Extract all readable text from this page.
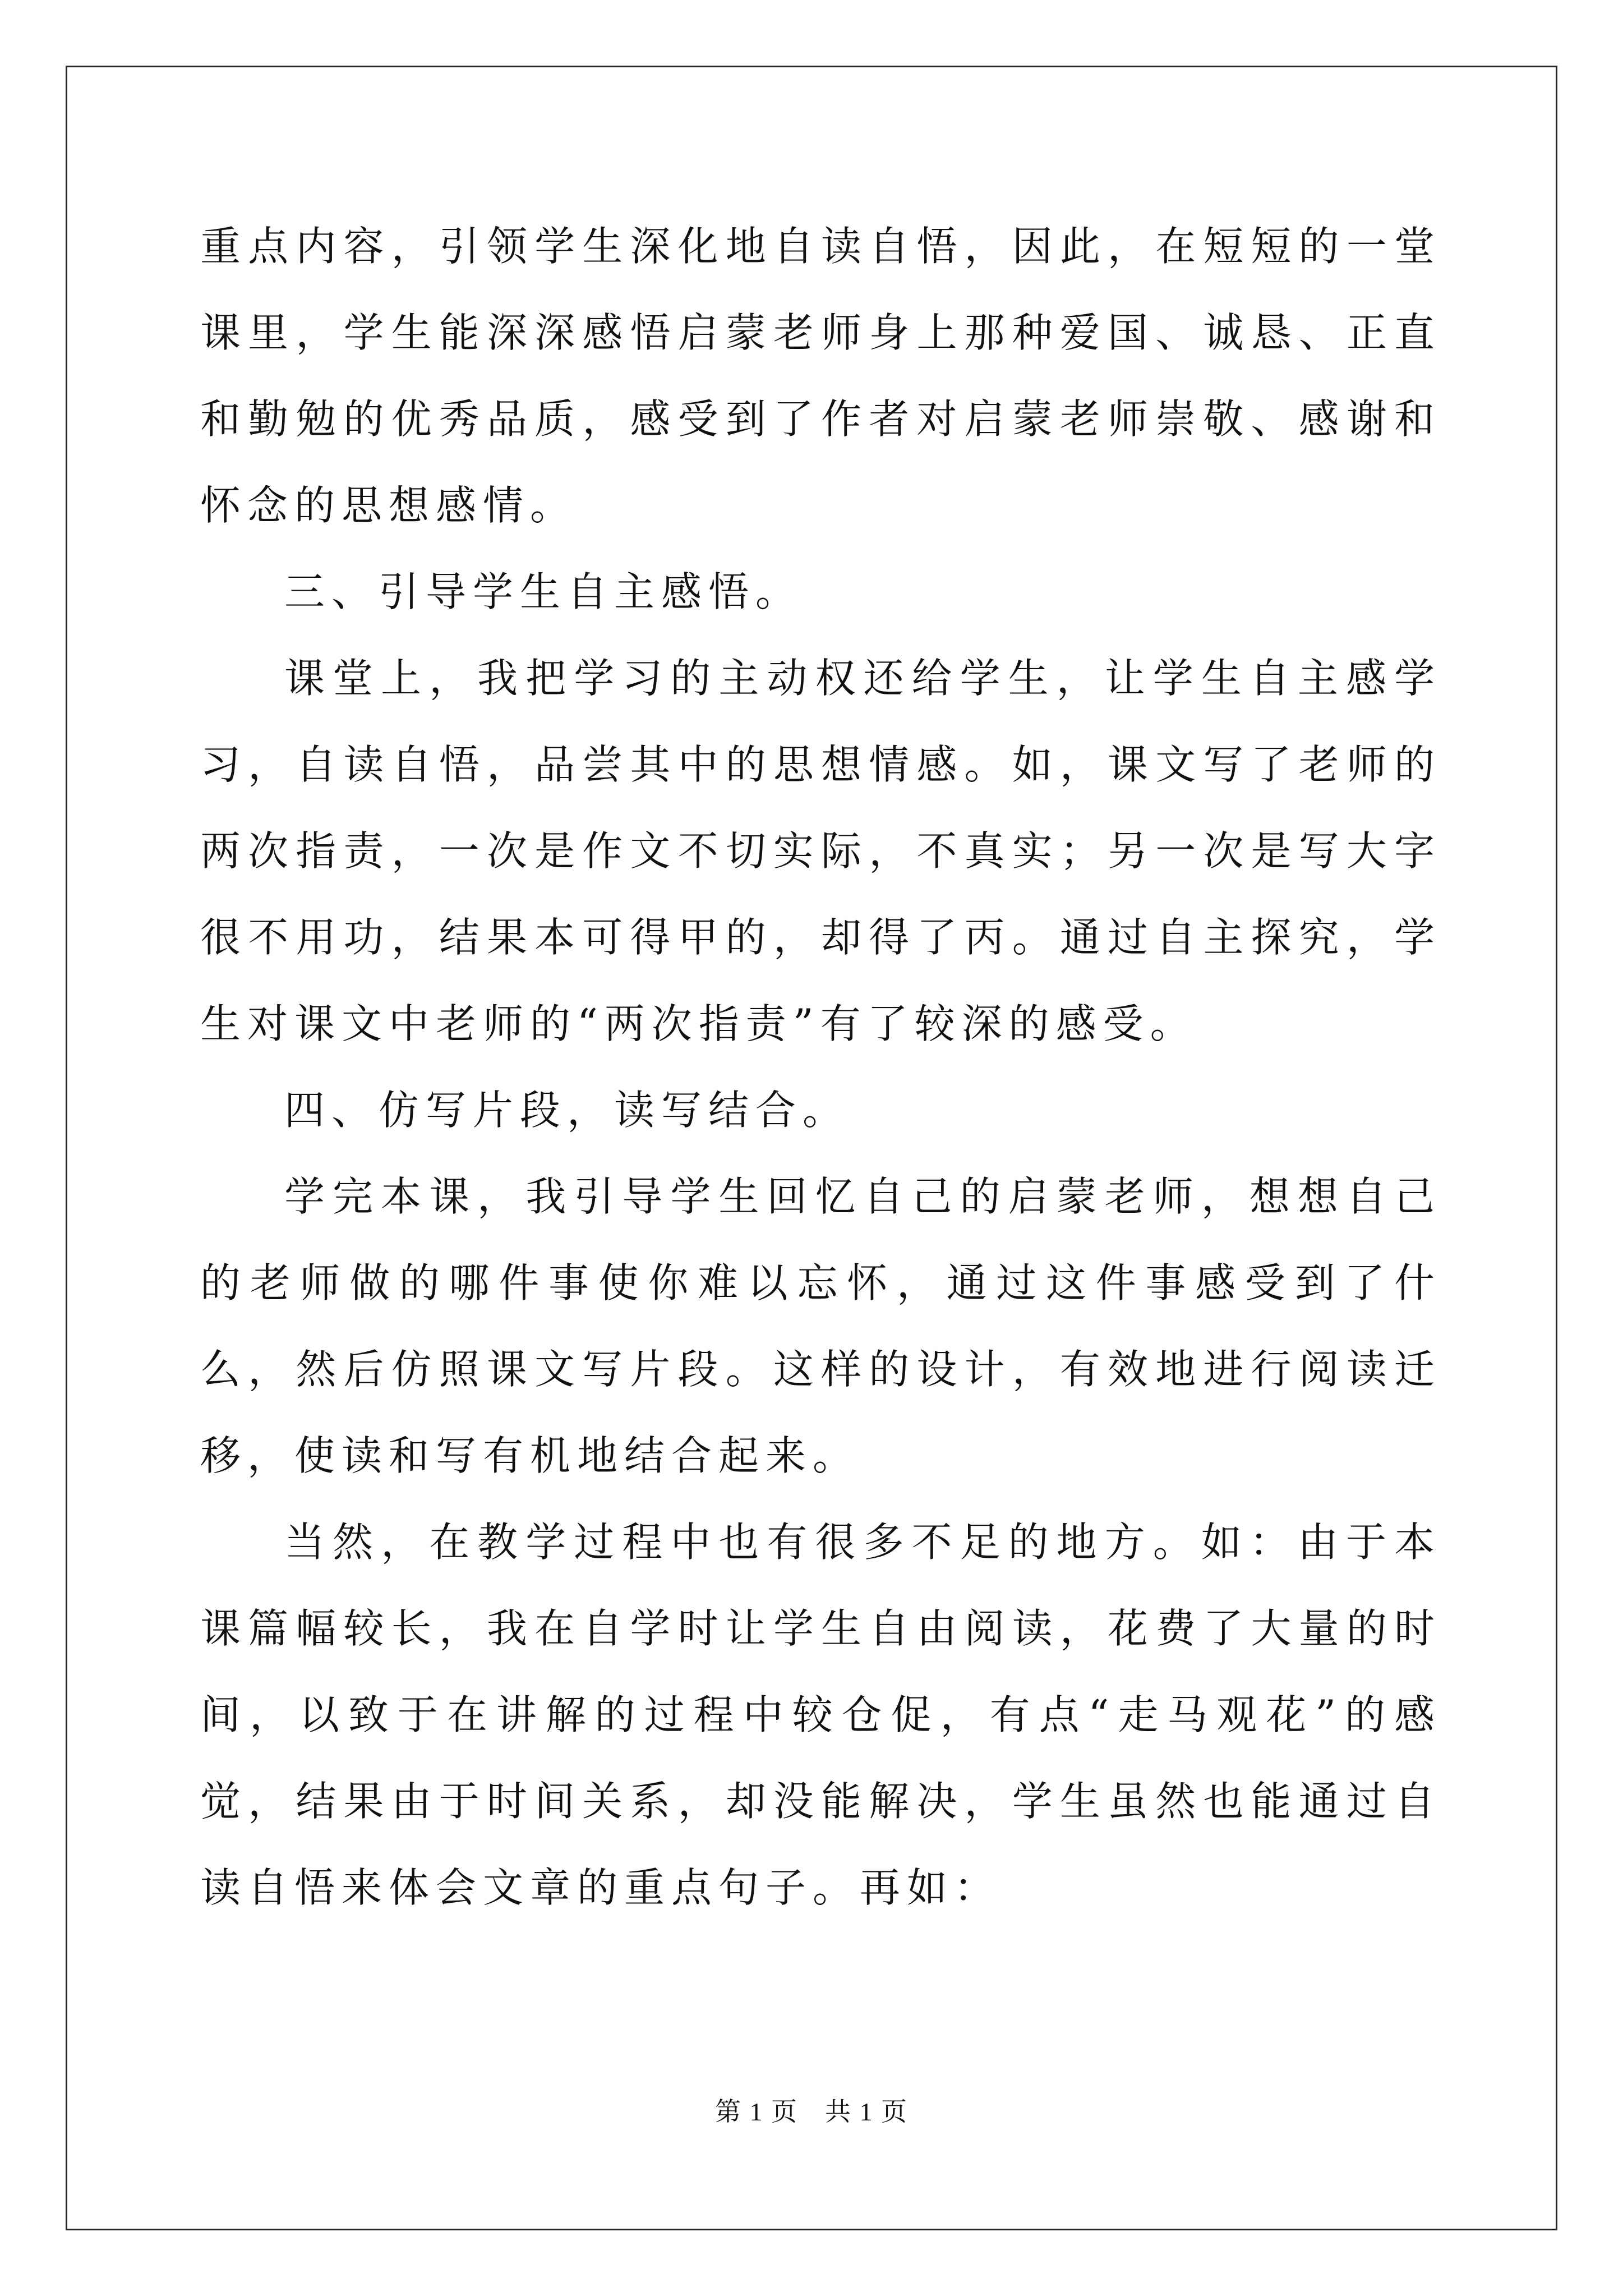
重点内容，引领学生深化地自读自悟，因此，在短短的一堂课里，学生能深深感悟启蒙老师身上那种爱国、诚恳、正直和勤勉的优秀品质，感受到了作者对启蒙老师崇敬、感谢和怀念的思想感情。

三、引导学生自主感悟。

课堂上，我把学习的主动权还给学生，让学生自主感学习，自读自悟，品尝其中的思想情感。如，课文写了老师的两次指责，一次是作文不切实际，不真实；另一次是写大字很不用功，结果本可得甲的，却得了丙。通过自主探究，学生对课文中老师的“两次指责”有了较深的感受。

四、仿写片段，读写结合。

学完本课，我引导学生回忆自己的启蒙老师，想想自己的老师做的哪件事使你难以忘怀，通过这件事感受到了什么，然后仿照课文写片段。这样的设计，有效地进行阅读迁移，使读和写有机地结合起来。

当然，在教学过程中也有很多不足的地方。如：由于本课篇幅较长，我在自学时让学生自由阅读，花费了大量的时间，以致于在讲解的过程中较仓促，有点“走马观花”的感觉，结果由于时间关系，却没能解决，学生虽然也能通过自读自悟来体会文章的重点句子。再如：

第 1 页　共 1 页
